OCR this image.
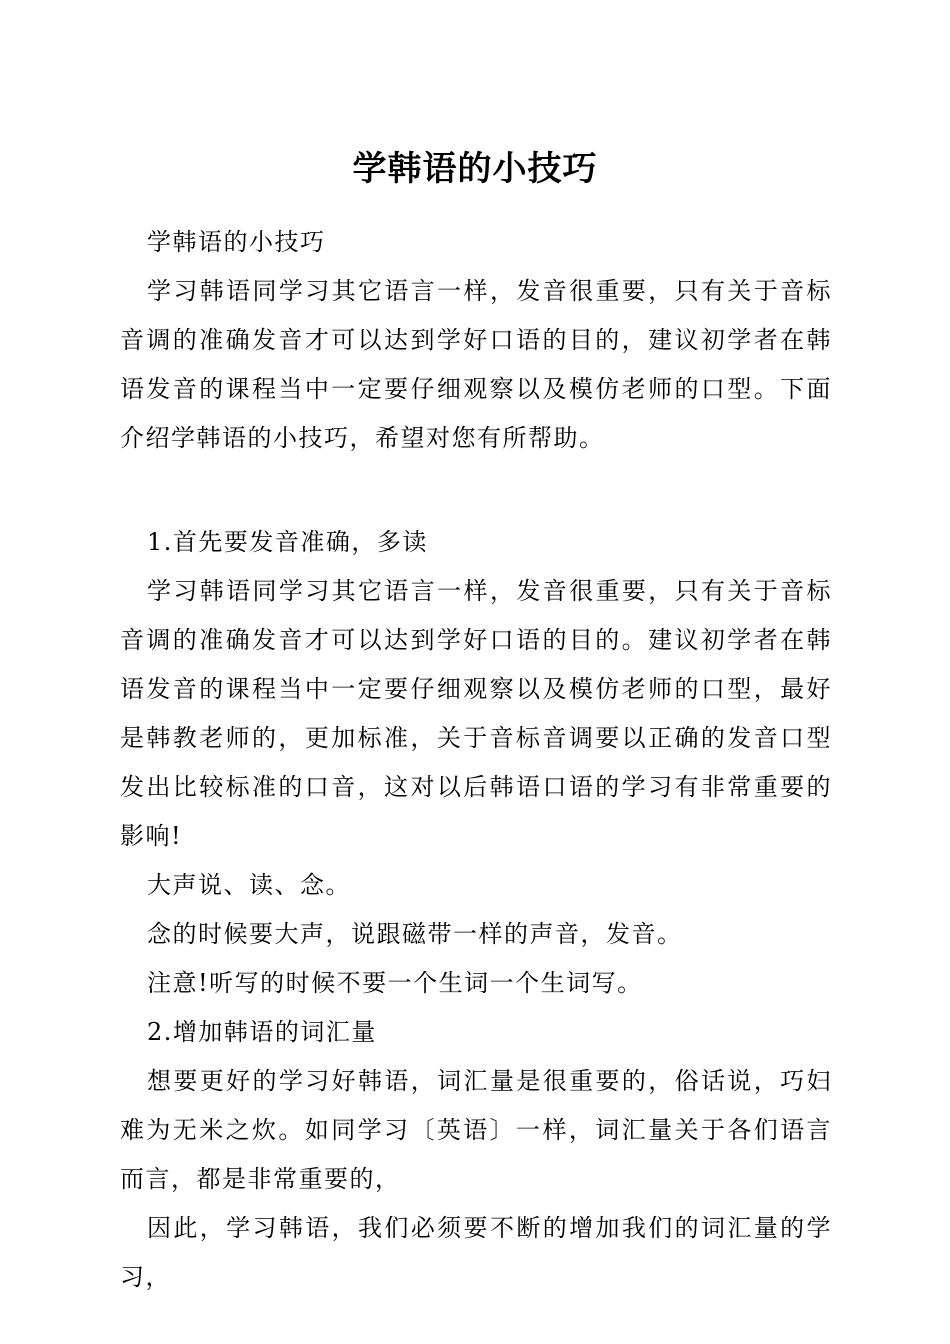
学韩语的小技巧

学韩语的小技巧

学习韩语同学习其它语言一样，发音很重要，只有关于音标音调的准确发音才可以达到学好口语的目的，建议初学者在韩语发音的课程当中一定要仔细观察以及模仿老师的口型。下面介绍学韩语的小技巧，希望对您有所帮助。

1.首先要发音准确，多读

学习韩语同学习其它语言一样，发音很重要，只有关于音标音调的准确发音才可以达到学好口语的目的。建议初学者在韩语发音的课程当中一定要仔细观察以及模仿老师的口型，最好是韩教老师的，更加标准，关于音标音调要以正确的发音口型发出比较标准的口音，这对以后韩语口语的学习有非常重要的影响!

大声说、读、念。

念的时候要大声，说跟磁带一样的声音，发音。

注意!听写的时候不要一个生词一个生词写。

2.增加韩语的词汇量

想要更好的学习好韩语，词汇量是很重要的，俗话说，巧妇难为无米之炊。如同学习〔英语〕一样，词汇量关于各们语言而言，都是非常重要的，

因此，学习韩语，我们必须要不断的增加我们的词汇量的学习，
